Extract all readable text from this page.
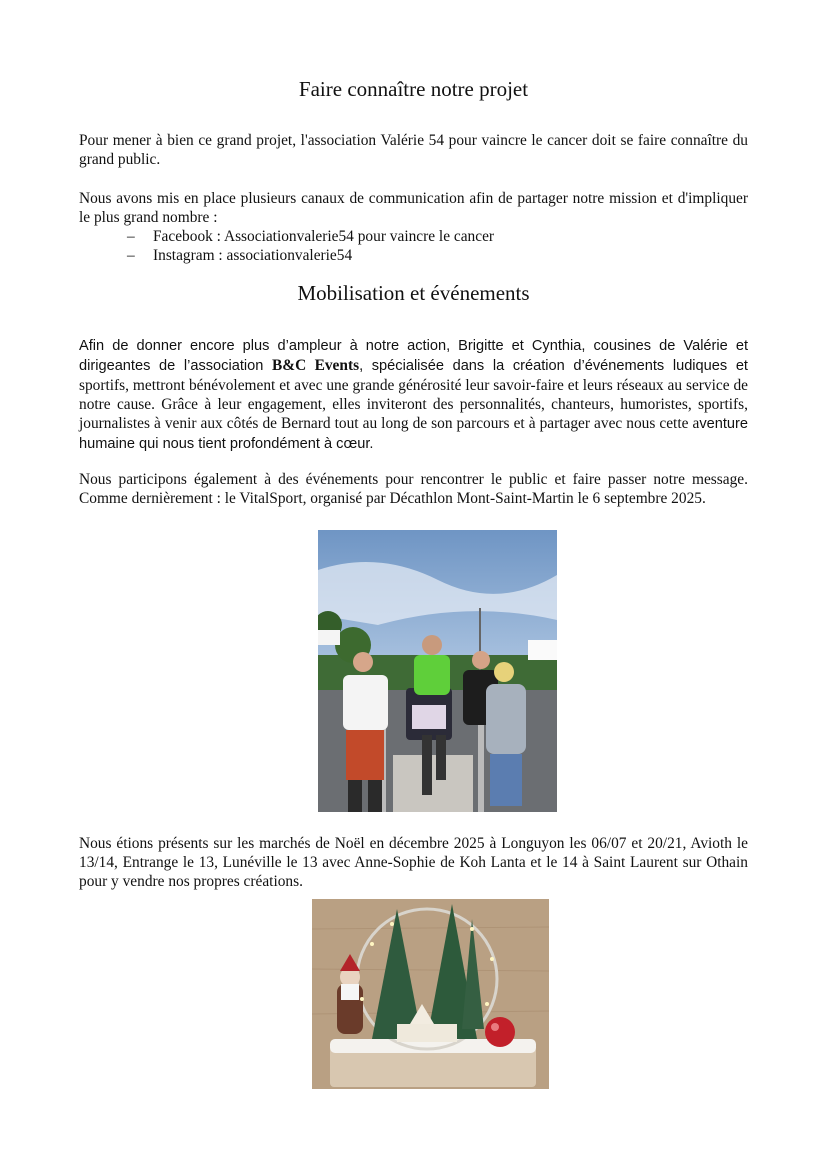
Faire connaître notre projet

Pour mener à bien ce grand projet, l'association Valérie 54 pour vaincre le cancer doit se faire connaître du grand public.

Nous avons mis en place plusieurs canaux de communication afin de partager notre mission et d'impliquer le plus grand nombre :

– Facebook : Associationvalerie54 pour vaincre le cancer
– Instagram : associationvalerie54
Mobilisation et événements

Afin de donner encore plus d’ampleur à notre action, Brigitte et Cynthia, cousines de Valérie et dirigeantes de l’association B&C Events, spécialisée dans la création d’événements ludiques et sportifs, mettront bénévolement et avec une grande générosité leur savoir-faire et leurs réseaux au service de notre cause. Grâce à leur engagement, elles inviteront des personnalités, chanteurs, humoristes, sportifs, journalistes à venir aux côtés de Bernard tout au long de son parcours et à partager avec nous cette aventure humaine qui nous tient profondément à cœur.

Nous participons également à des événements pour rencontrer le public et faire passer notre message. Comme dernièrement : le VitalSport, organisé par Décathlon Mont-Saint-Martin le 6 septembre 2025.

Nous étions présents sur les marchés de Noël en décembre 2025 à Longuyon les 06/07 et 20/21, Avioth le 13/14, Entrange le 13, Lunéville le 13 avec Anne-Sophie de Koh Lanta et le 14 à Saint Laurent sur Othain pour y vendre nos propres créations.
